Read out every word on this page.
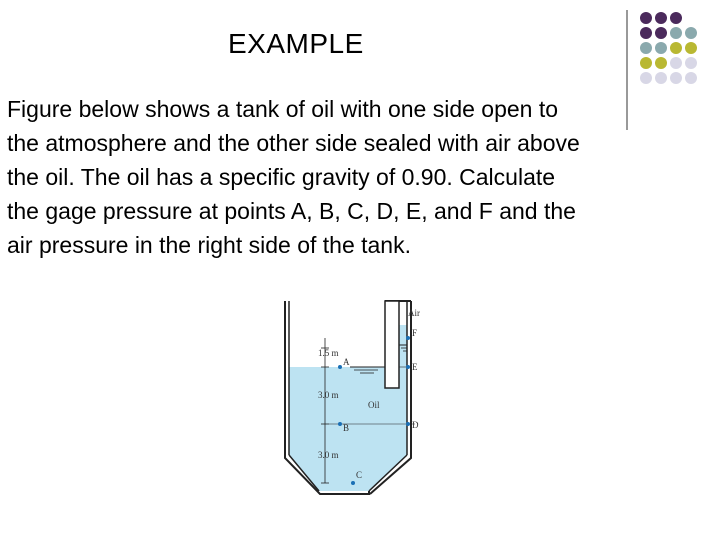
EXAMPLE
Figure below shows a tank of oil with one side open to
the atmosphere and the other side sealed with air above
the oil. The oil has a specific gravity of 0.90. Calculate
the gage pressure at points A, B, C, D, E, and F and the
air pressure in the right side of the tank.
Air
Oil
1.5 m
3.0 m
3.0 m
A
B
C
D
E
F
